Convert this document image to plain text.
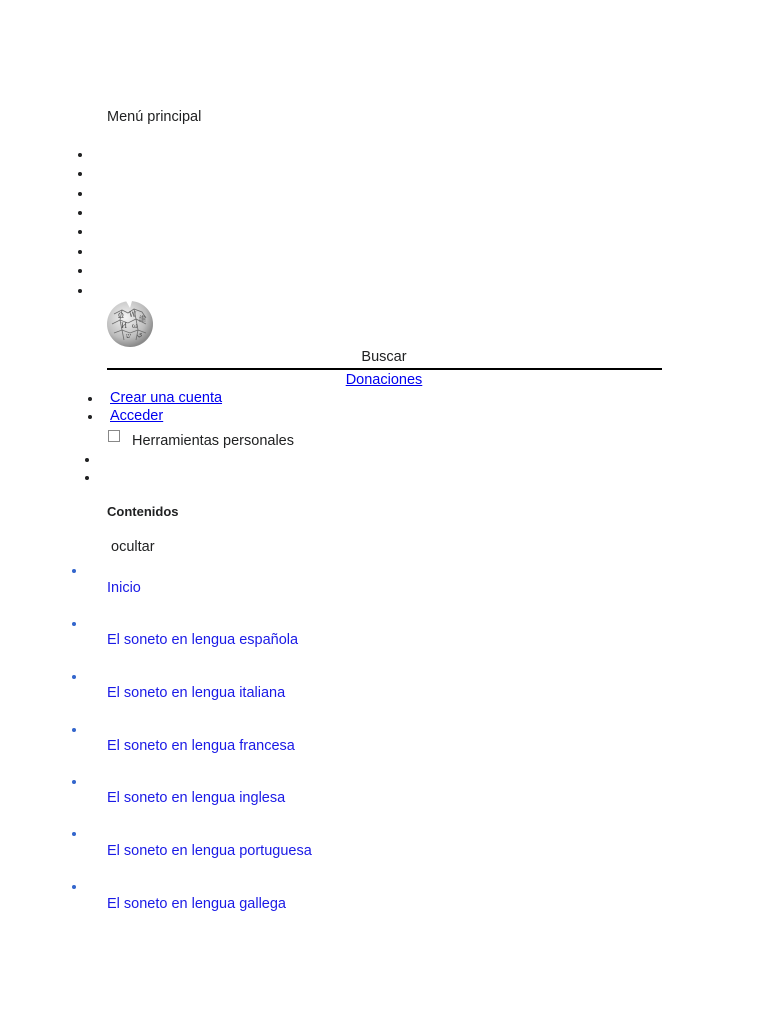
Menú principal
Ω W
И ω
維
ש ي
Buscar
Donaciones
Crear una cuenta
Acceder
Herramientas personales
Contenidos
ocultar
Inicio
El soneto en lengua española
El soneto en lengua italiana
El soneto en lengua francesa
El soneto en lengua inglesa
El soneto en lengua portuguesa
El soneto en lengua gallega
